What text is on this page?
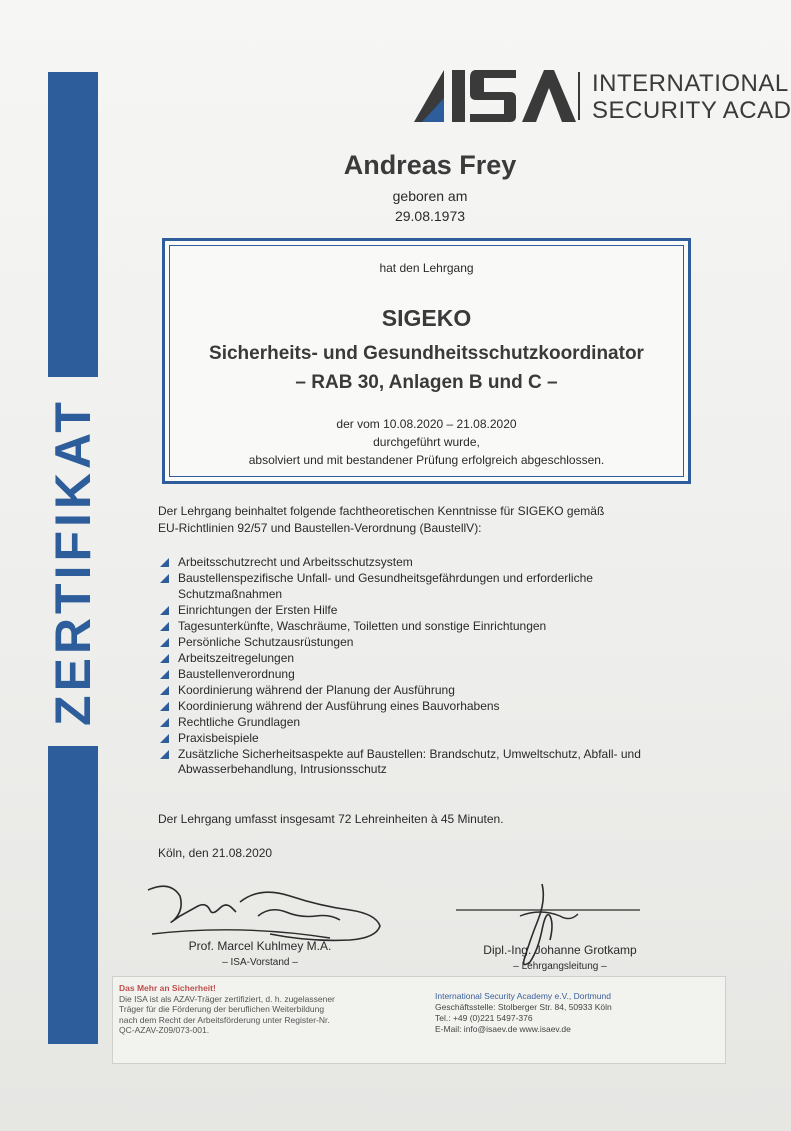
ZERTIFIKAT
INTERNATIONAL
SECURITY ACAD
Andreas Frey
geboren am
29.08.1973
hat den Lehrgang
SIGEKO
Sicherheits- und Gesundheitsschutzkoordinator
– RAB 30, Anlagen B und C –
der vom 10.08.2020 – 21.08.2020
durchgeführt wurde,
absolviert und mit bestandener Prüfung erfolgreich abgeschlossen.
Der Lehrgang beinhaltet folgende fachtheoretischen Kenntnisse für SIGEKO gemäß
EU-Richtlinien 92/57 und Baustellen-Verordnung (BaustellV):
Arbeitsschutzrecht und Arbeitsschutzsystem
Baustellenspezifische Unfall- und Gesundheitsgefährdungen und erforderliche Schutzmaßnahmen
Einrichtungen der Ersten Hilfe
Tagesunterkünfte, Waschräume, Toiletten und sonstige Einrichtungen
Persönliche Schutzausrüstungen
Arbeitszeitregelungen
Baustellenverordnung
Koordinierung während der Planung der Ausführung
Koordinierung während der Ausführung eines Bauvorhabens
Rechtliche Grundlagen
Praxisbeispiele
Zusätzliche Sicherheitsaspekte auf Baustellen: Brandschutz, Umweltschutz, Abfall- und Abwasserbehandlung, Intrusionsschutz
Der Lehrgang umfasst insgesamt 72 Lehreinheiten à 45 Minuten.
Köln, den 21.08.2020
Prof. Marcel Kuhlmey M.A.
– ISA-Vorstand –
Dipl.-Ing. Johanne Grotkamp
– Lehrgangsleitung –
Das Mehr an Sicherheit!
Die ISA ist als AZAV-Träger zertifiziert, d. h. zugelassener
Träger für die Förderung der beruflichen Weiterbildung
nach dem Recht der Arbeitsförderung unter Register-Nr.
QC-AZAV-Z09/073-001.
International Security Academy e.V., Dortmund
Geschäftsstelle: Stolberger Str. 84, 50933 Köln
Tel.: +49 (0)221 5497-376
E-Mail: info@isaev.de www.isaev.de
